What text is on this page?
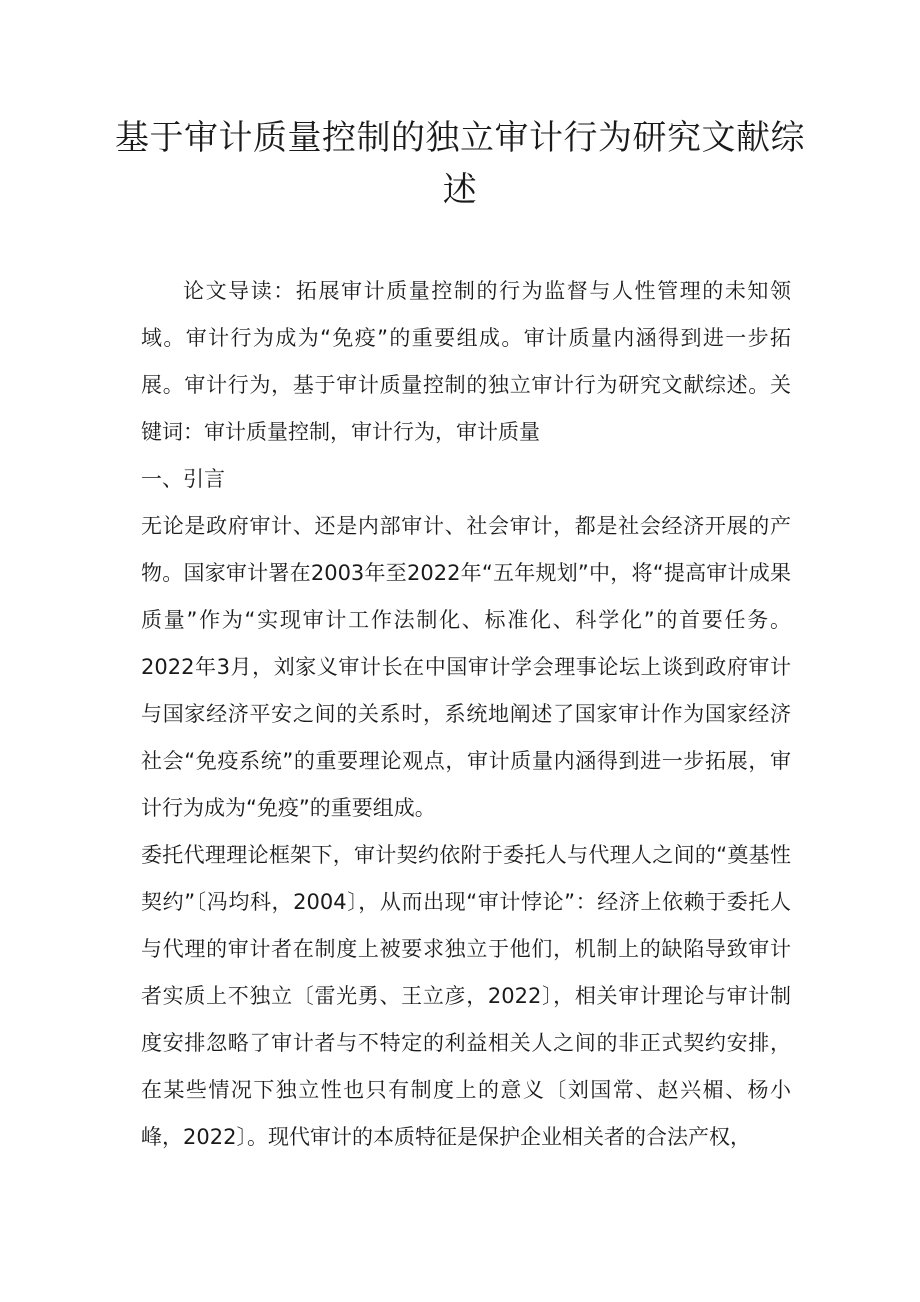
基于审计质量控制的独立审计行为研究文献综述

论文导读：拓展审计质量控制的行为监督与人性管理的未知领域。审计行为成为“免疫”的重要组成。审计质量内涵得到进一步拓展。审计行为，基于审计质量控制的独立审计行为研究文献综述。关键词：审计质量控制，审计行为，审计质量

一、引言

无论是政府审计、还是内部审计、社会审计，都是社会经济开展的产物。国家审计署在2003年至2022年“五年规划”中，将“提高审计成果质量”作为“实现审计工作法制化、标准化、科学化”的首要任务。2022年3月，刘家义审计长在中国审计学会理事论坛上谈到政府审计与国家经济平安之间的关系时，系统地阐述了国家审计作为国家经济社会“免疫系统”的重要理论观点，审计质量内涵得到进一步拓展，审计行为成为“免疫”的重要组成。

委托代理理论框架下，审计契约依附于委托人与代理人之间的“奠基性契约”〔冯均科，2004〕，从而出现“审计悖论”：经济上依赖于委托人与代理的审计者在制度上被要求独立于他们，机制上的缺陷导致审计者实质上不独立〔雷光勇、王立彦，2022〕，相关审计理论与审计制度安排忽略了审计者与不特定的利益相关人之间的非正式契约安排，在某些情况下独立性也只有制度上的意义〔刘国常、赵兴楣、杨小峰，2022〕。现代审计的本质特征是保护企业相关者的合法产权，
